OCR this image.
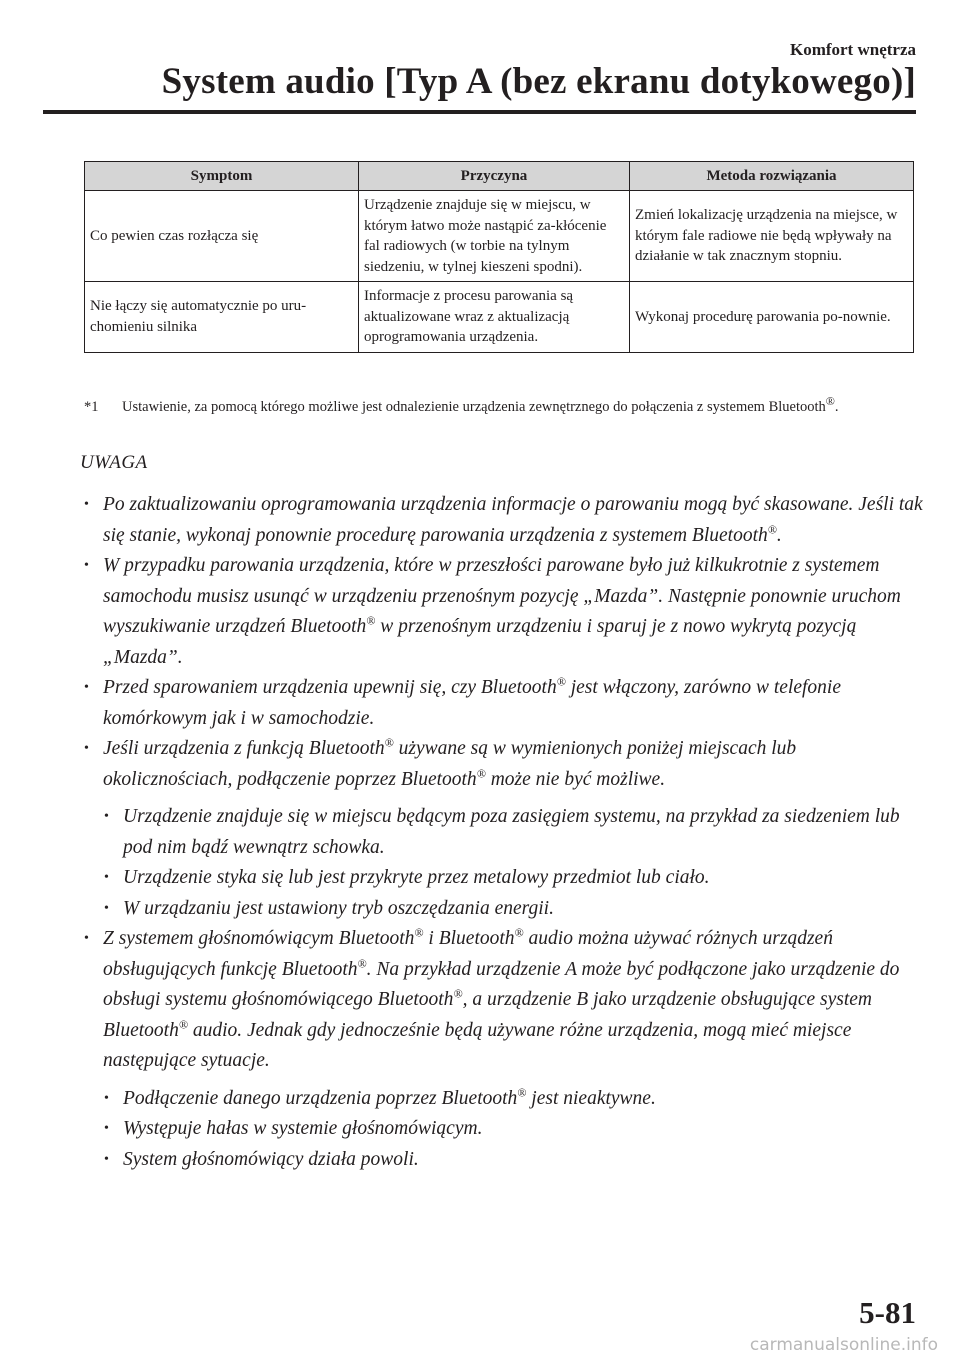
Komfort wnętrza
System audio [Typ A (bez ekranu dotykowego)]
Symptom	Przyczyna	Metoda rozwiązania
Co pewien czas rozłącza się	Urządzenie znajduje się w miejscu, w którym łatwo może nastąpić za-kłócenie fal radiowych (w torbie na tylnym siedzeniu, w tylnej kieszeni spodni).	Zmień lokalizację urządzenia na miejsce, w którym fale radiowe nie będą wpływały na działanie w tak znacznym stopniu.
Nie łączy się automatycznie po uru-chomieniu silnika	Informacje z procesu parowania są aktualizowane wraz z aktualizacją oprogramowania urządzenia.	Wykonaj procedurę parowania po-nownie.
*1 Ustawienie, za pomocą którego możliwe jest odnalezienie urządzenia zewnętrznego do połączenia z systemem Bluetooth®.
UWAGA
• Po zaktualizowaniu oprogramowania urządzenia informacje o parowaniu mogą być skasowane. Jeśli tak się stanie, wykonaj ponownie procedurę parowania urządzenia z systemem Bluetooth®.
• W przypadku parowania urządzenia, które w przeszłości parowane było już kilkukrotnie z systemem samochodu musisz usunąć w urządzeniu przenośnym pozycję „Mazda”. Następnie ponownie uruchom wyszukiwanie urządzeń Bluetooth® w przenośnym urządzeniu i sparuj je z nowo wykrytą pozycją „Mazda”.
• Przed sparowaniem urządzenia upewnij się, czy Bluetooth® jest włączony, zarówno w telefonie komórkowym jak i w samochodzie.
• Jeśli urządzenia z funkcją Bluetooth® używane są w wymienionych poniżej miejscach lub okolicznościach, podłączenie poprzez Bluetooth® może nie być możliwe.
• Urządzenie znajduje się w miejscu będącym poza zasięgiem systemu, na przykład za siedzeniem lub pod nim bądź wewnątrz schowka.
• Urządzenie styka się lub jest przykryte przez metalowy przedmiot lub ciało.
• W urządzaniu jest ustawiony tryb oszczędzania energii.
• Z systemem głośnomówiącym Bluetooth® i Bluetooth® audio można używać różnych urządzeń obsługujących funkcję Bluetooth®. Na przykład urządzenie A może być podłączone jako urządzenie do obsługi systemu głośnomówiącego Bluetooth®, a urządzenie B jako urządzenie obsługujące system Bluetooth® audio. Jednak gdy jednocześnie będą używane różne urządzenia, mogą mieć miejsce następujące sytuacje.
• Podłączenie danego urządzenia poprzez Bluetooth® jest nieaktywne.
• Występuje hałas w systemie głośnomówiącym.
• System głośnomówiący działa powoli.
5-81
carmanualsonline.info
